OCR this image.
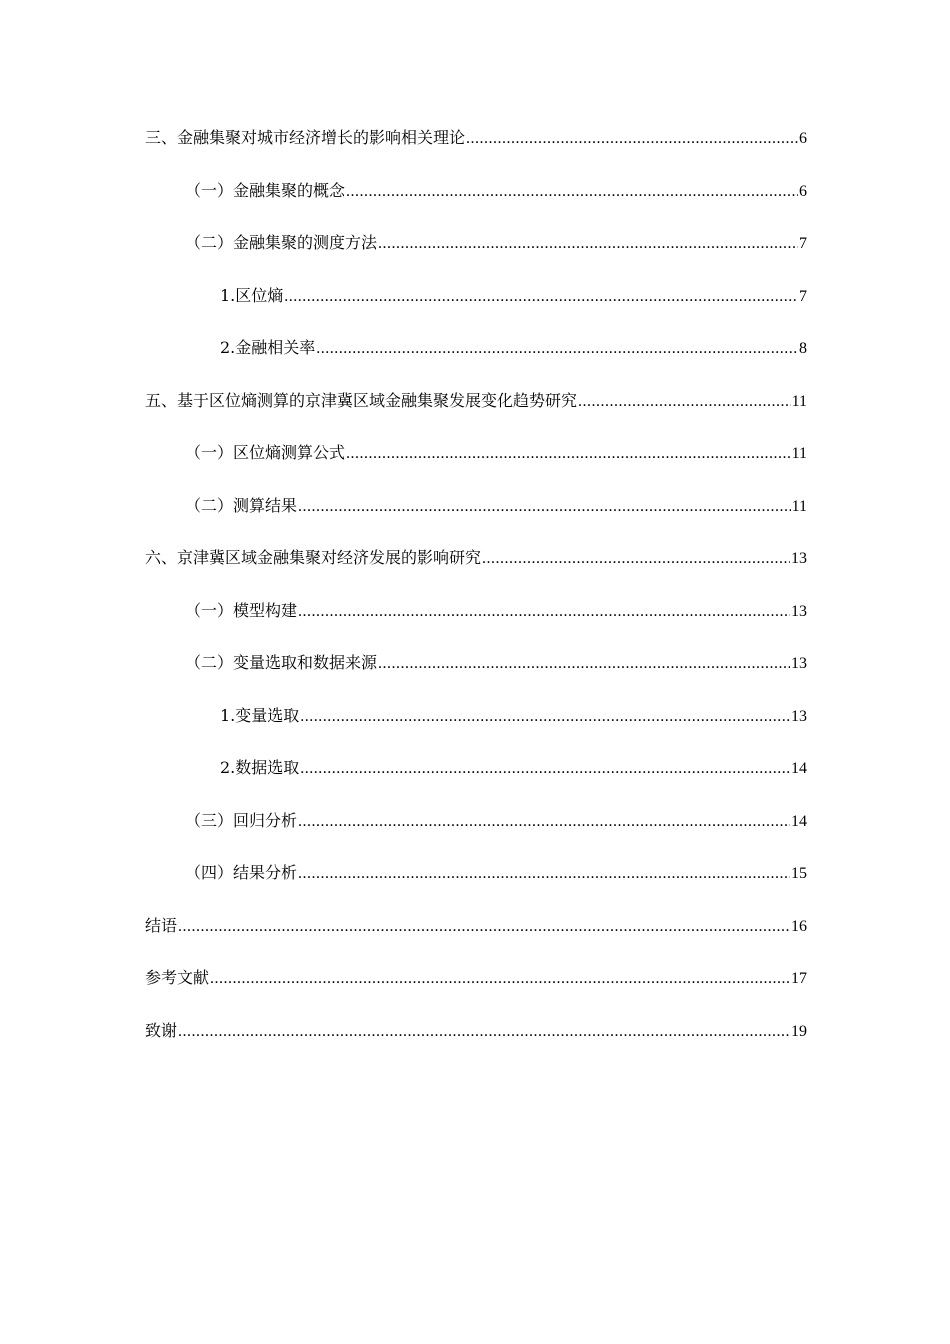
三、金融集聚对城市经济增长的影响相关理论 .....	6
（一）金融集聚的概念 .....	6
（二）金融集聚的测度方法 .....	7
1.区位熵 .....	7
2.金融相关率 .....	8
五、基于区位熵测算的京津冀区域金融集聚发展变化趋势研究 .....	11
（一）区位熵测算公式 .....	11
（二）测算结果 .....	11
六、京津冀区域金融集聚对经济发展的影响研究 .....	13
（一）模型构建 .....	13
（二）变量选取和数据来源 .....	13
1.变量选取 .....	13
2.数据选取 .....	14
（三）回归分析 .....	14
（四）结果分析 .....	15
结语 .....	16
参考文献 .....	17
致谢 .....	19
